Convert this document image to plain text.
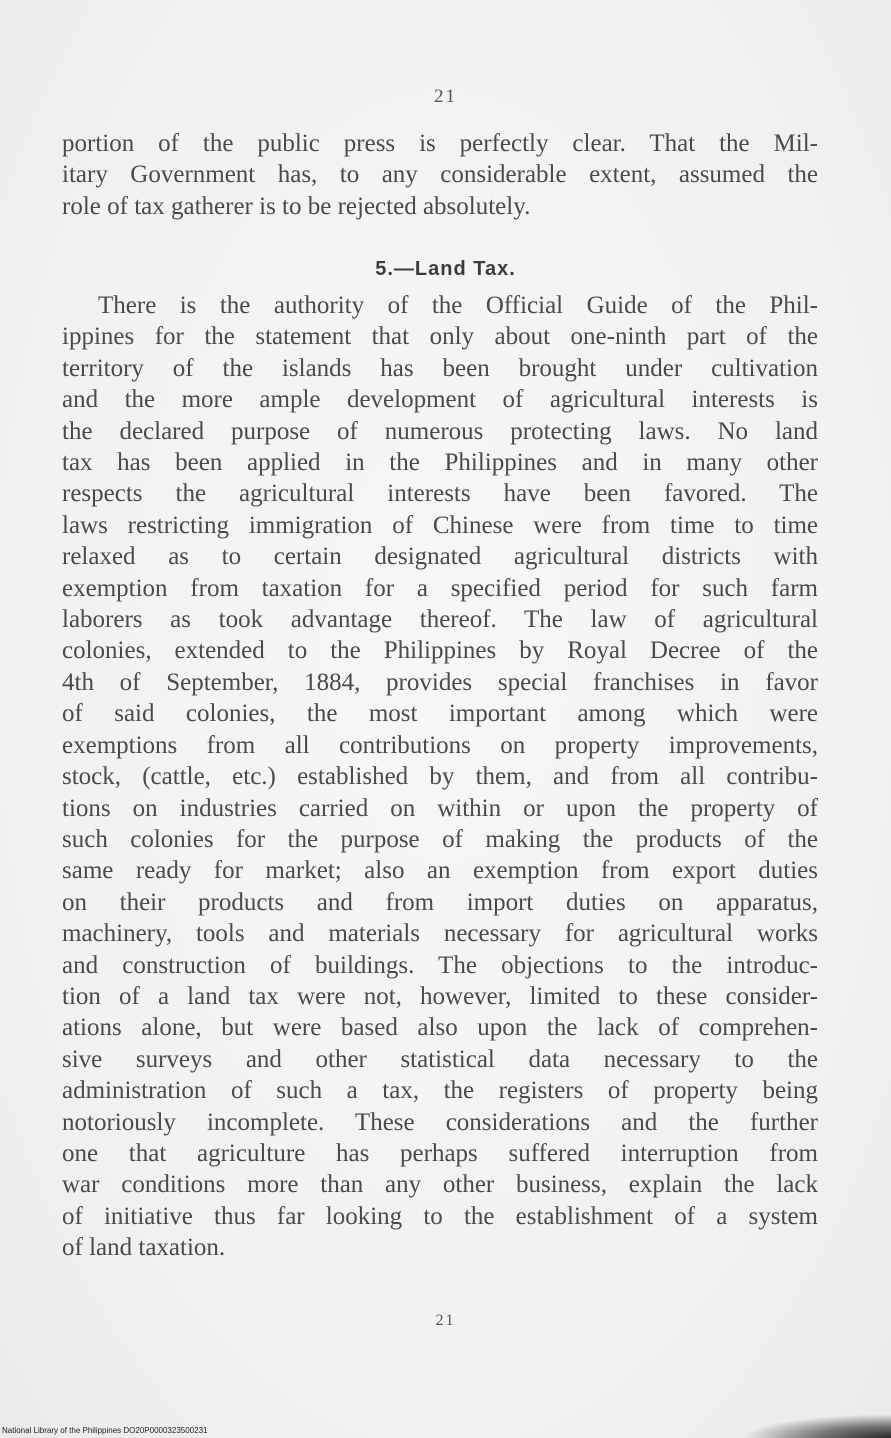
21
portion of the public press is perfectly clear. That the Mil-
itary Government has, to any considerable extent, assumed the
role of tax gatherer is to be rejected absolutely.
5.—Land Tax.
There is the authority of the Official Guide of the Phil-
ippines for the statement that only about one-ninth part of the
territory of the islands has been brought under cultivation
and the more ample development of agricultural interests is
the declared purpose of numerous protecting laws. No land
tax has been applied in the Philippines and in many other
respects the agricultural interests have been favored. The
laws restricting immigration of Chinese were from time to time
relaxed as to certain designated agricultural districts with
exemption from taxation for a specified period for such farm
laborers as took advantage thereof. The law of agricultural
colonies, extended to the Philippines by Royal Decree of the
4th of September, 1884, provides special franchises in favor
of said colonies, the most important among which were
exemptions from all contributions on property improvements,
stock, (cattle, etc.) established by them, and from all contribu-
tions on industries carried on within or upon the property of
such colonies for the purpose of making the products of the
same ready for market; also an exemption from export duties
on their products and from import duties on apparatus,
machinery, tools and materials necessary for agricultural works
and construction of buildings. The objections to the introduc-
tion of a land tax were not, however, limited to these consider-
ations alone, but were based also upon the lack of comprehen-
sive surveys and other statistical data necessary to the
administration of such a tax, the registers of property being
notoriously incomplete. These considerations and the further
one that agriculture has perhaps suffered interruption from
war conditions more than any other business, explain the lack
of initiative thus far looking to the establishment of a system
of land taxation.
21
National Library of the Philippines DO20P0000323500231
